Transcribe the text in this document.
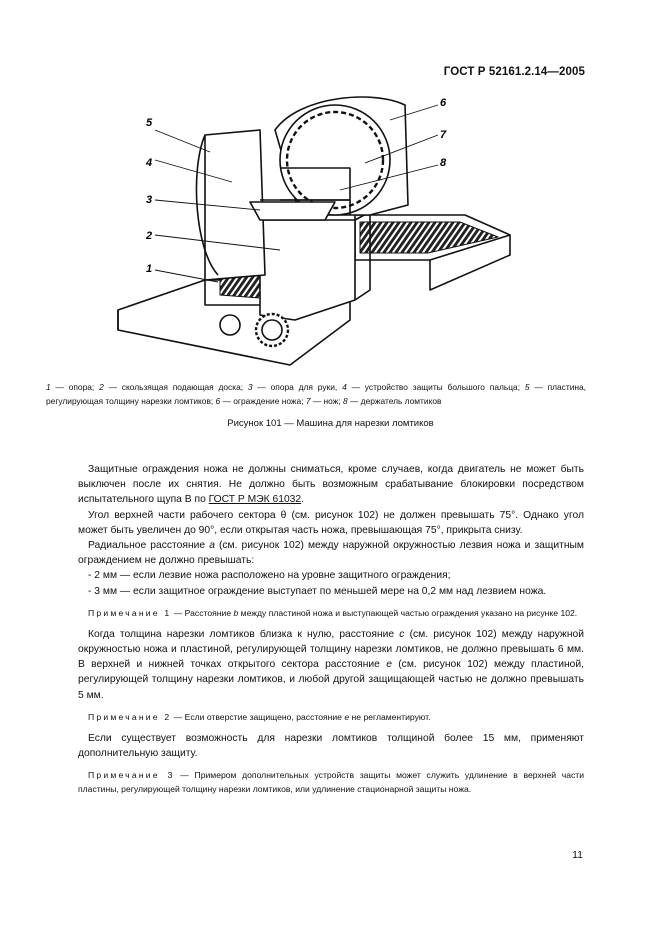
ГОСТ Р 52161.2.14—2005
5
4
3
2
1
6
7
8
1 — опора; 2 — скользящая подающая доска; 3 — опора для руки, 4 — устройство защиты большого пальца; 5 — пластина, регулирующая толщину нарезки ломтиков; 6 — ограждение ножа; 7 — нож; 8 — держатель ломтиков
Рисунок 101 — Машина для нарезки ломтиков

Защитные ограждения ножа не должны сниматься, кроме случаев, когда двигатель не может быть выключен после их снятия. Не должно быть возможным срабатывание блокировки посредством испытательного щупа В по ГОСТ Р МЭК 61032.

Угол верхней части рабочего сектора θ (см. рисунок 102) не должен превышать 75°. Однако угол может быть увеличен до 90°, если открытая часть ножа, превышающая 75°, прикрыта снизу.

Радиальное расстояние а (см. рисунок 102) между наружной окружностью лезвия ножа и защитным ограждением не должно превышать:

- 2 мм — если лезвие ножа расположено на уровне защитного ограждения;

- 3 мм — если защитное ограждение выступает по меньшей мере на 0,2 мм над лезвием ножа.

Примечание 1 — Расстояние b между пластиной ножа и выступающей частью ограждения указано на рисунке 102.

Когда толщина нарезки ломтиков близка к нулю, расстояние с (см. рисунок 102) между наружной окружностью ножа и пластиной, регулирующей толщину нарезки ломтиков, не должно превышать 6 мм. В верхней и нижней точках открытого сектора расстояние е (см. рисунок 102) между пластиной, регулирующей толщину нарезки ломтиков, и любой другой защищающей частью не должно превышать 5 мм.

Примечание 2 — Если отверстие защищено, расстояние е не регламентируют.

Если существует возможность для нарезки ломтиков толщиной более 15 мм, применяют дополнительную защиту.

Примечание 3 — Примером дополнительных устройств защиты может служить удлинение в верхней части пластины, регулирующей толщину нарезки ломтиков, или удлинение стационарной защиты ножа.

11
